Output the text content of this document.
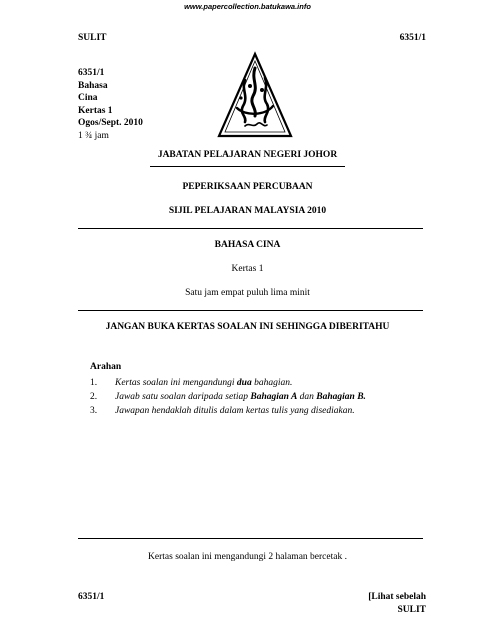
www.papercollection.batukawa.info
SULIT	6351/1
6351/1
Bahasa
Cina
Kertas 1
Ogos/Sept. 2010
1 ¾ jam
JABATAN PELAJARAN NEGERI JOHOR
PEPERIKSAAN PERCUBAAN
SIJIL PELAJARAN MALAYSIA 2010
BAHASA CINA
Kertas 1
Satu jam empat puluh lima minit
JANGAN BUKA KERTAS SOALAN INI SEHINGGA DIBERITAHU
Arahan
1. Kertas soalan ini mengandungi dua bahagian.
2. Jawab satu soalan daripada setiap Bahagian A dan Bahagian B.
3. Jawapan hendaklah ditulis dalam kertas tulis yang disediakan.
Kertas soalan ini mengandungi 2 halaman bercetak .
6351/1	[Lihat sebelah
SULIT
